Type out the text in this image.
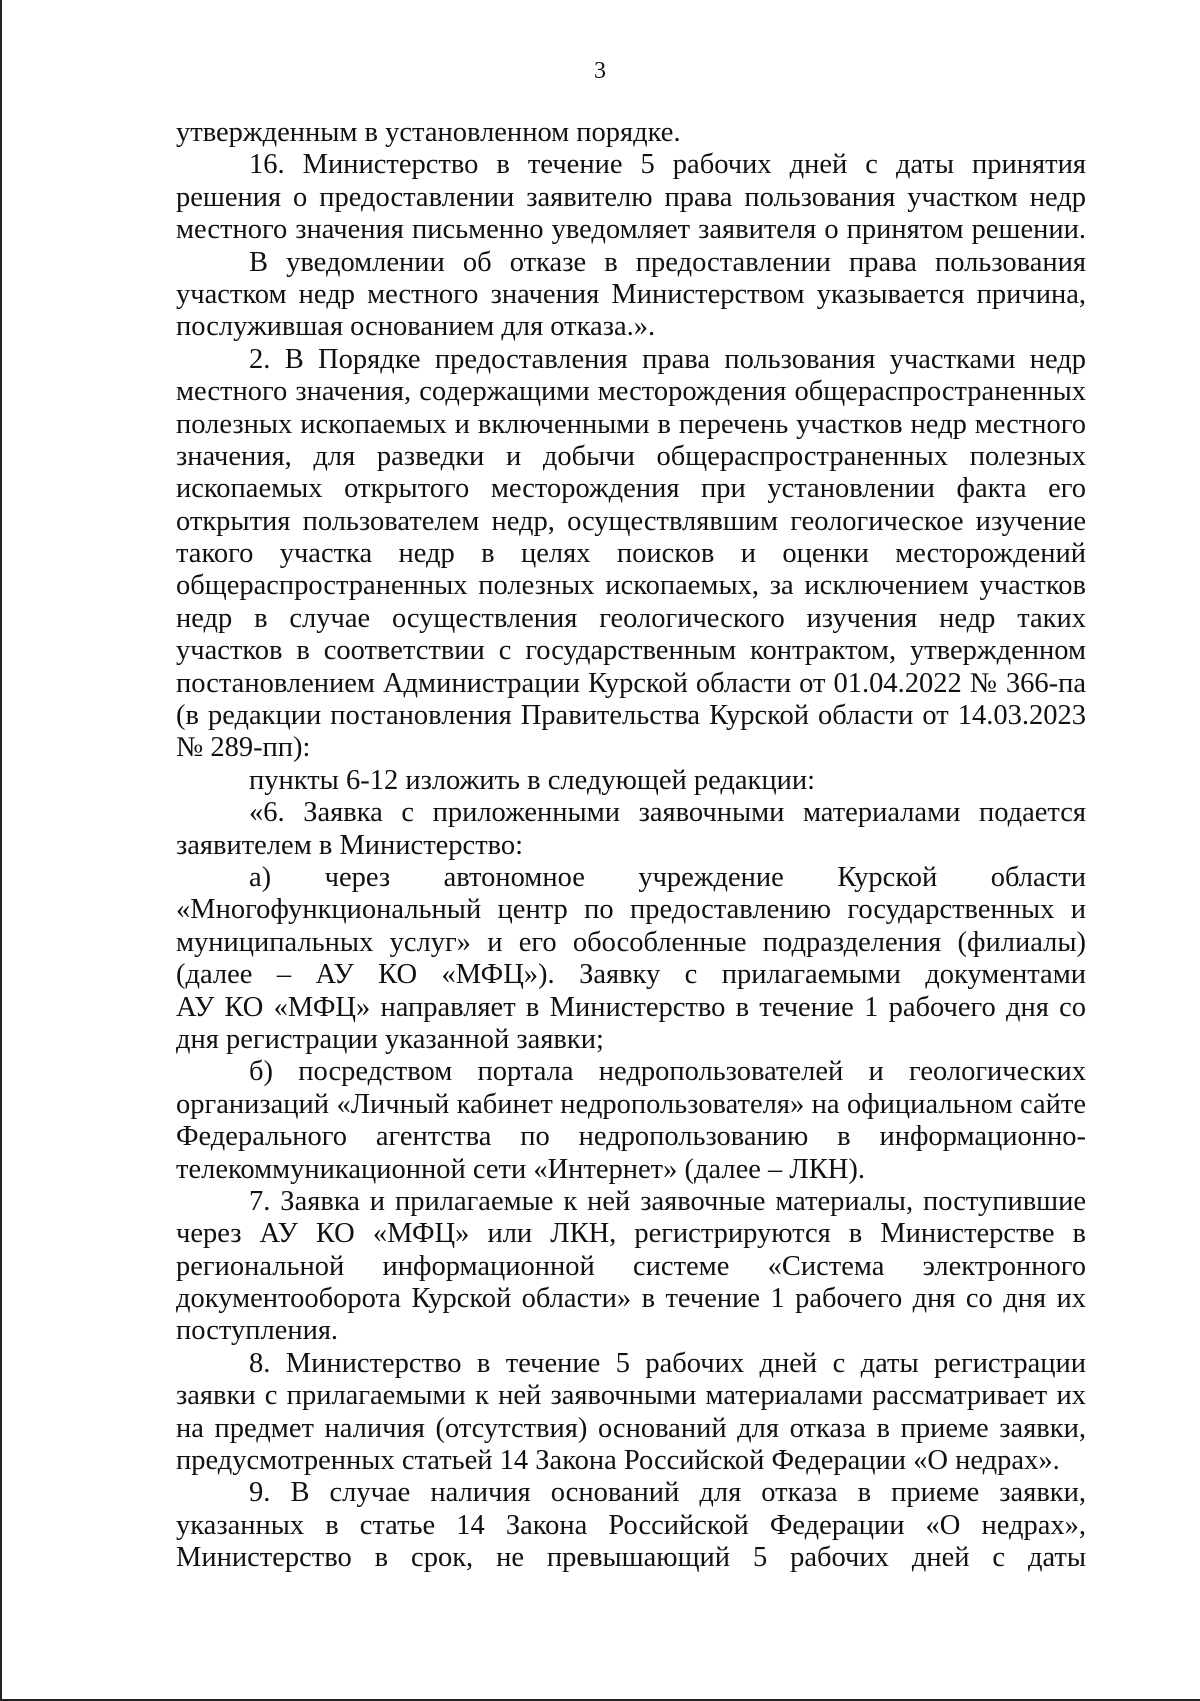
3
утвержденным в установленном порядке.
16. Министерство в течение 5 рабочих дней с даты принятия
решения о предоставлении заявителю права пользования участком недр
местного значения письменно уведомляет заявителя о принятом решении.
В уведомлении об отказе в предоставлении права пользования
участком недр местного значения Министерством указывается причина,
послужившая основанием для отказа.».
2. В Порядке предоставления права пользования участками недр
местного значения, содержащими месторождения общераспространенных
полезных ископаемых и включенными в перечень участков недр местного
значения, для разведки и добычи общераспространенных полезных
ископаемых открытого месторождения при установлении факта его
открытия пользователем недр, осуществлявшим геологическое изучение
такого участка недр в целях поисков и оценки месторождений
общераспространенных полезных ископаемых, за исключением участков
недр в случае осуществления геологического изучения недр таких
участков в соответствии с государственным контрактом, утвержденном
постановлением Администрации Курской области от 01.04.2022 № 366-па
(в редакции постановления Правительства Курской области от 14.03.2023
№ 289-пп):
пункты 6-12 изложить в следующей редакции:
«6. Заявка с приложенными заявочными материалами подается
заявителем в Министерство:
а) через автономное учреждение Курской области
«Многофункциональный центр по предоставлению государственных и
муниципальных услуг» и его обособленные подразделения (филиалы)
(далее – АУ КО «МФЦ»). Заявку с прилагаемыми документами
АУ КО «МФЦ» направляет в Министерство в течение 1 рабочего дня со
дня регистрации указанной заявки;
б) посредством портала недропользователей и геологических
организаций «Личный кабинет недропользователя» на официальном сайте
Федерального агентства по недропользованию в информационно-
телекоммуникационной сети «Интернет» (далее – ЛКН).
7. Заявка и прилагаемые к ней заявочные материалы, поступившие
через АУ КО «МФЦ» или ЛКН, регистрируются в Министерстве в
региональной информационной системе «Система электронного
документооборота Курской области» в течение 1 рабочего дня со дня их
поступления.
8. Министерство в течение 5 рабочих дней с даты регистрации
заявки с прилагаемыми к ней заявочными материалами рассматривает их
на предмет наличия (отсутствия) оснований для отказа в приеме заявки,
предусмотренных статьей 14 Закона Российской Федерации «О недрах».
9. В случае наличия оснований для отказа в приеме заявки,
указанных в статье 14 Закона Российской Федерации «О недрах»,
Министерство в срок, не превышающий 5 рабочих дней с даты
